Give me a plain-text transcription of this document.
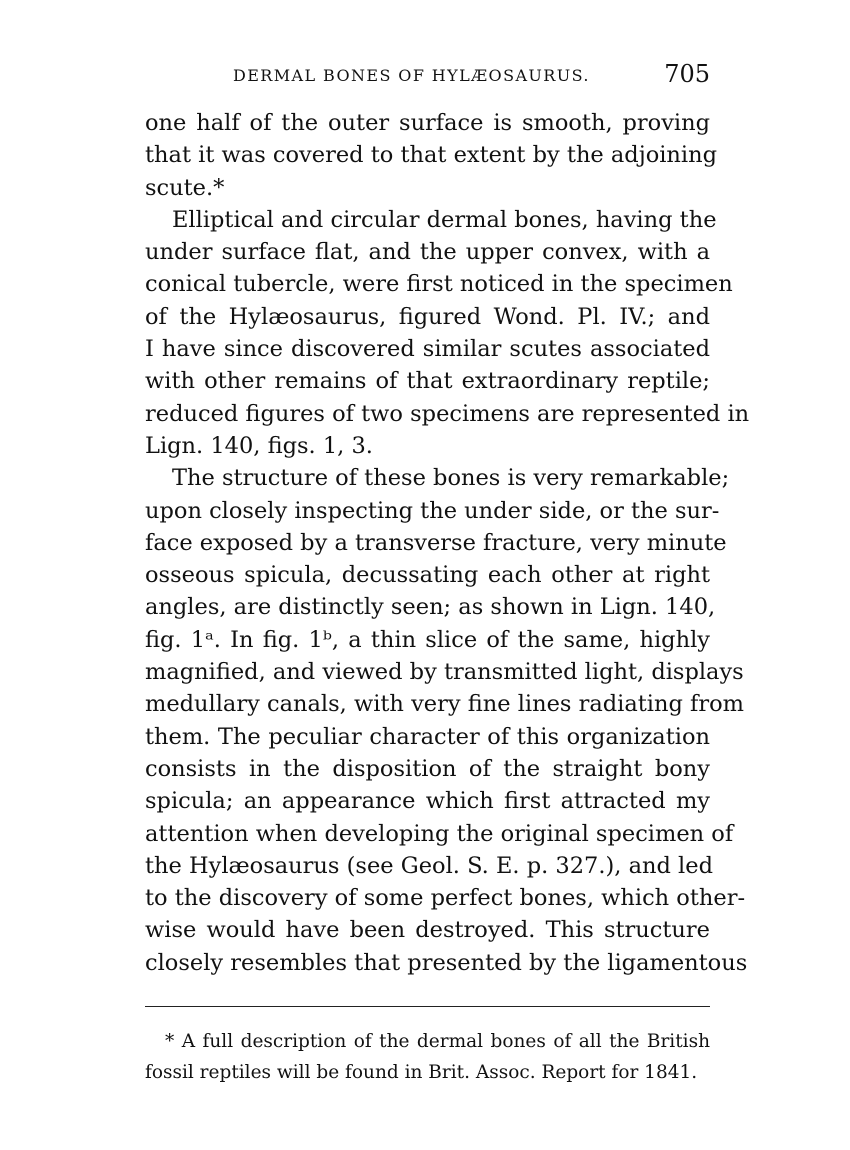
DERMAL BONES OF HYLÆOSAURUS.	705
one half of the outer surface is smooth, proving
that it was covered to that extent by the adjoining
scute.*
Elliptical and circular dermal bones, having the
under surface flat, and the upper convex, with a
conical tubercle, were first noticed in the specimen
of the Hylæosaurus, figured Wond. Pl. IV.; and
I have since discovered similar scutes associated
with other remains of that extraordinary reptile;
reduced figures of two specimens are represented in
Lign. 140, figs. 1, 3.
The structure of these bones is very remarkable;
upon closely inspecting the under side, or the sur-
face exposed by a transverse fracture, very minute
osseous spicula, decussating each other at right
angles, are distinctly seen; as shown in Lign. 140,
fig. 1ᵃ. In fig. 1ᵇ, a thin slice of the same, highly
magnified, and viewed by transmitted light, displays
medullary canals, with very fine lines radiating from
them. The peculiar character of this organization
consists in the disposition of the straight bony
spicula; an appearance which first attracted my
attention when developing the original specimen of
the Hylæosaurus (see Geol. S. E. p. 327.), and led
to the discovery of some perfect bones, which other-
wise would have been destroyed. This structure
closely resembles that presented by the ligamentous
* A full description of the dermal bones of all the British
fossil reptiles will be found in Brit. Assoc. Report for 1841.
